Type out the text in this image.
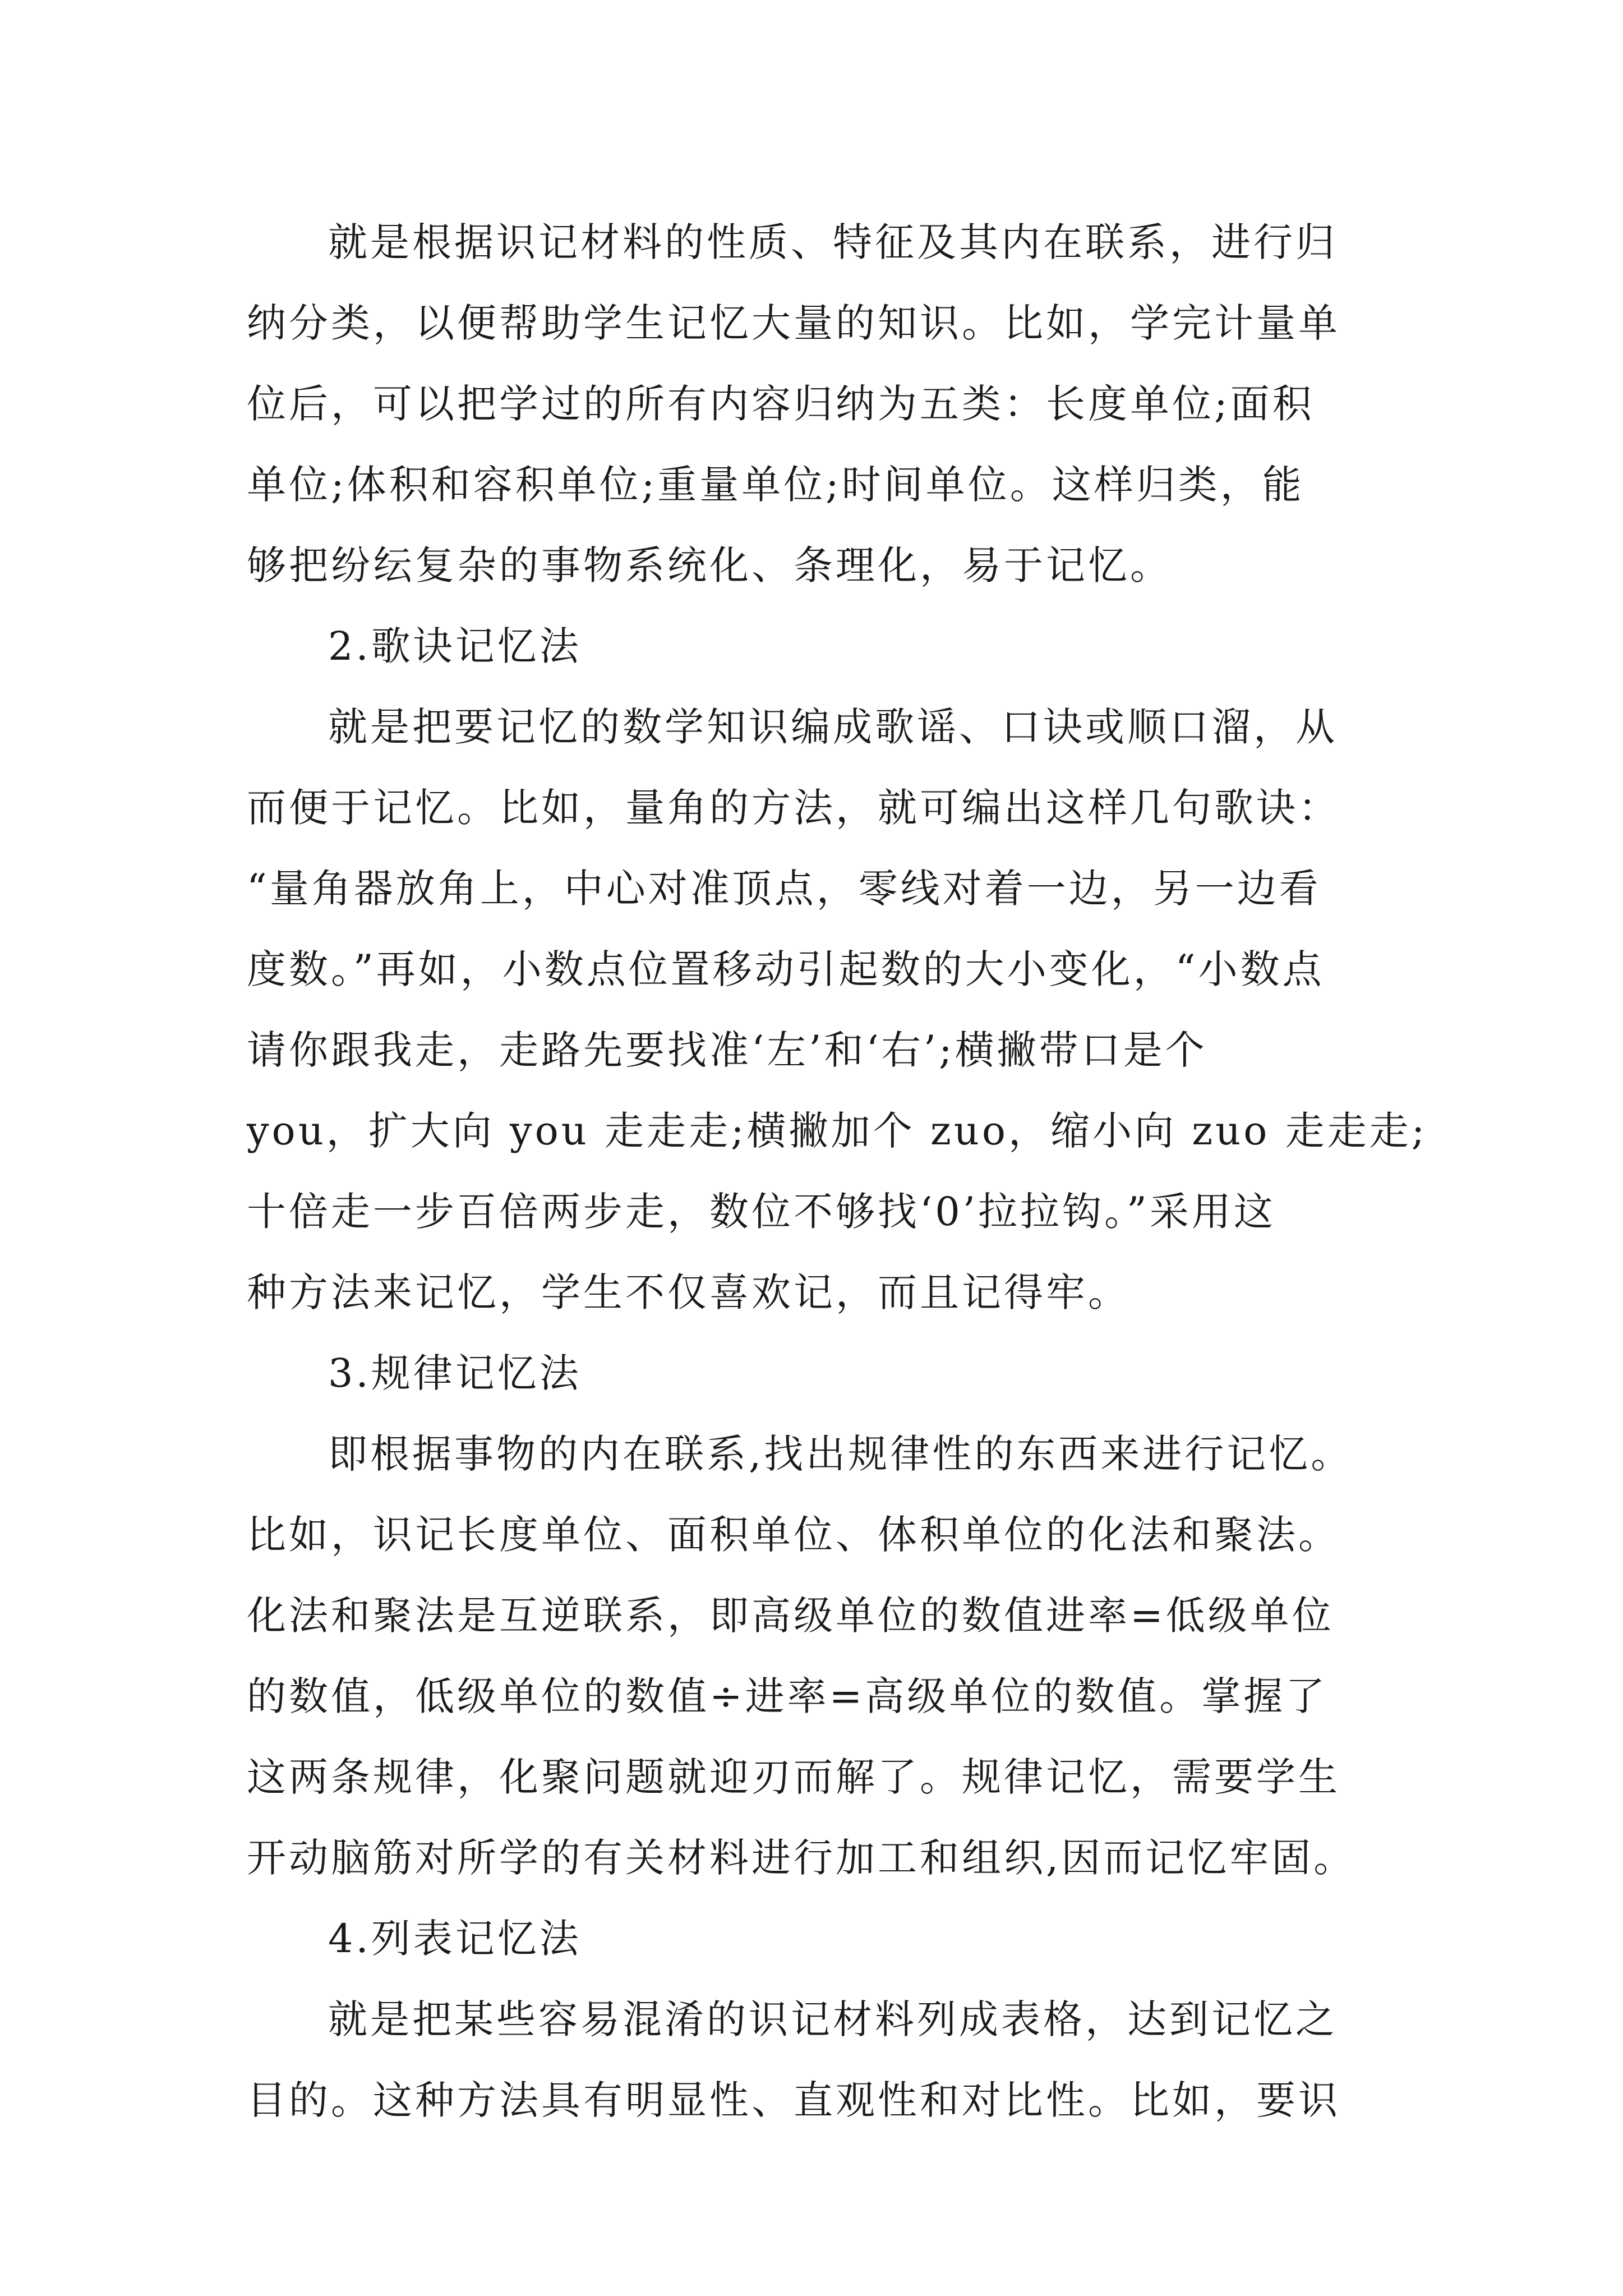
就是根据识记材料的性质、特征及其内在联系，进行归
纳分类，以便帮助学生记忆大量的知识。比如，学完计量单
位后，可以把学过的所有内容归纳为五类：长度单位;面积
单位;体积和容积单位;重量单位;时间单位。这样归类，能
够把纷纭复杂的事物系统化、条理化，易于记忆。
2.歌诀记忆法
就是把要记忆的数学知识编成歌谣、口诀或顺口溜，从
而便于记忆。比如，量角的方法，就可编出这样几句歌诀：
“量角器放角上，中心对准顶点，零线对着一边，另一边看
度数。”再如，小数点位置移动引起数的大小变化，“小数点
请你跟我走，走路先要找准‘左’和‘右’;横撇带口是个
you，扩大向 you 走走走;横撇加个 zuo，缩小向 zuo 走走走;
十倍走一步百倍两步走，数位不够找‘0’拉拉钩。”采用这
种方法来记忆，学生不仅喜欢记，而且记得牢。
3.规律记忆法
即根据事物的内在联系,找出规律性的东西来进行记忆。
比如，识记长度单位、面积单位、体积单位的化法和聚法。
化法和聚法是互逆联系，即高级单位的数值进率=低级单位
的数值，低级单位的数值÷进率=高级单位的数值。掌握了
这两条规律，化聚问题就迎刃而解了。规律记忆，需要学生
开动脑筋对所学的有关材料进行加工和组织,因而记忆牢固。
4.列表记忆法
就是把某些容易混淆的识记材料列成表格，达到记忆之
目的。这种方法具有明显性、直观性和对比性。比如，要识
